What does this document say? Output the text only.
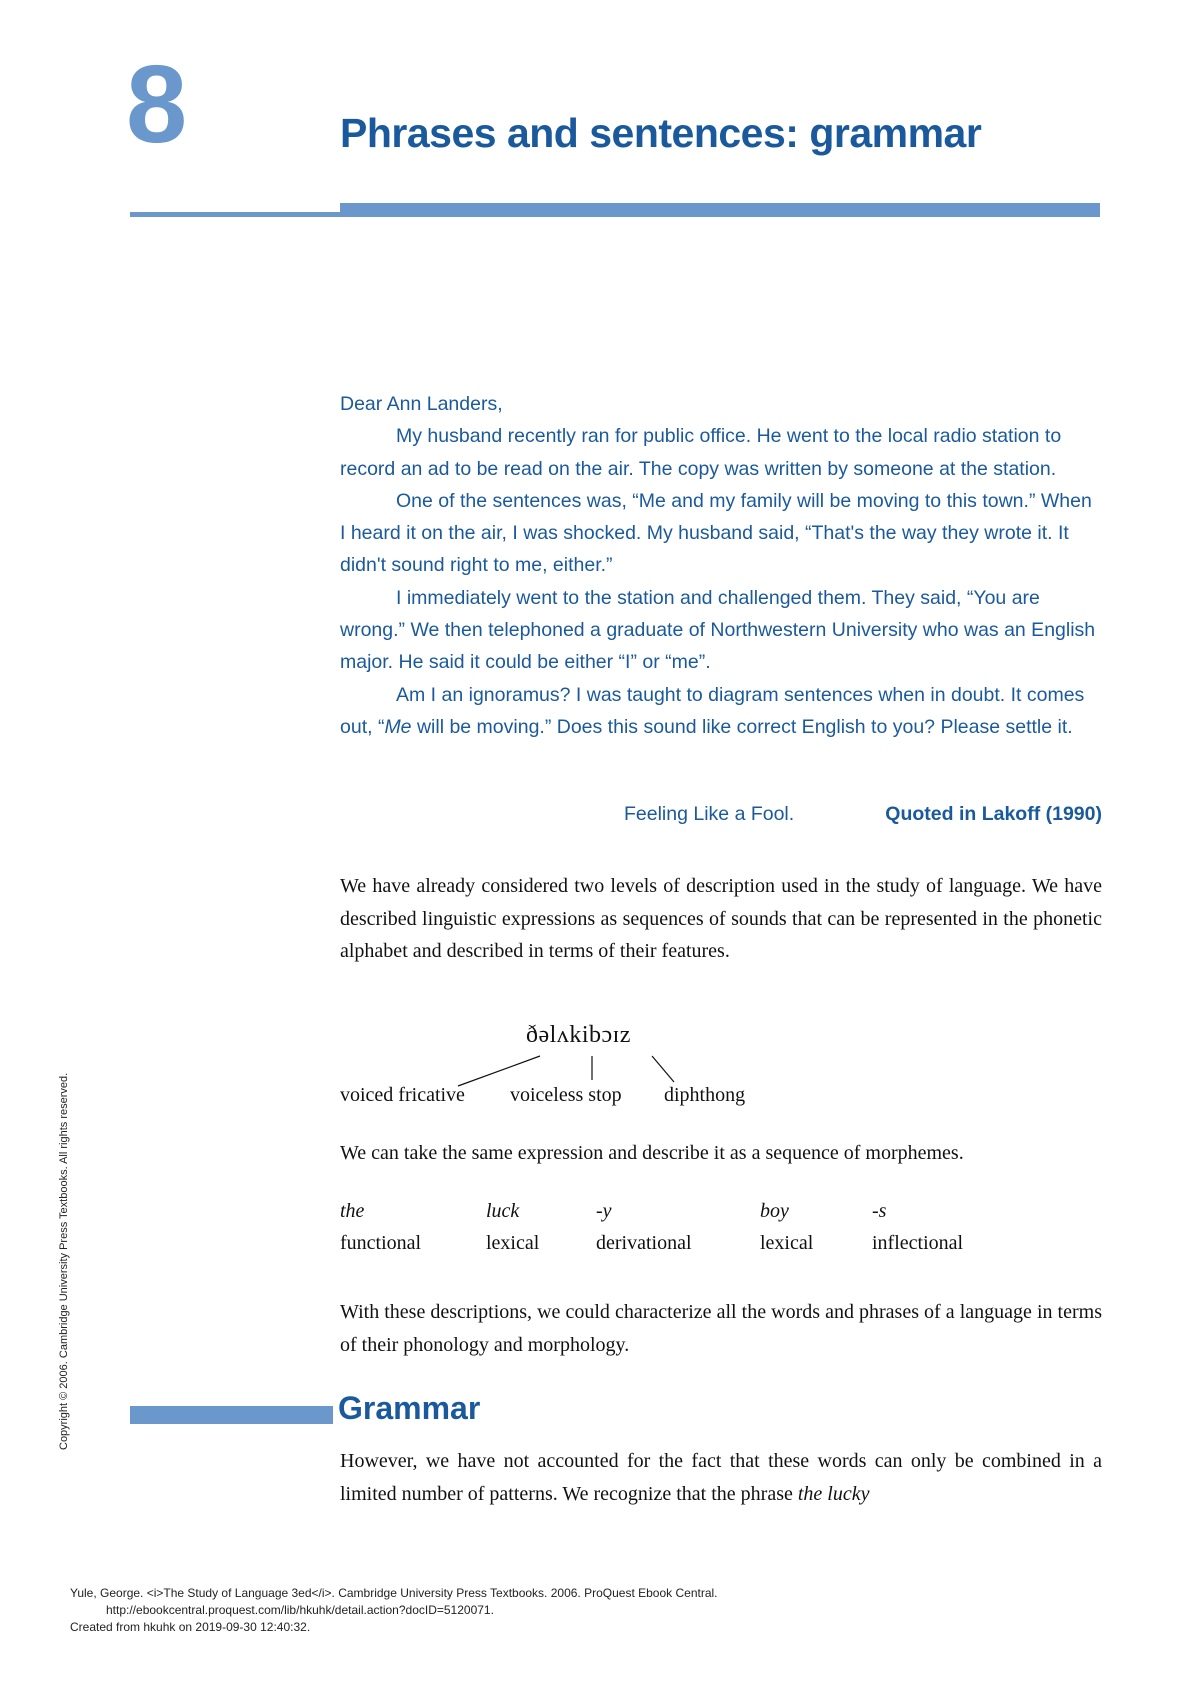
8	Phrases and sentences: grammar

Dear Ann Landers,

My husband recently ran for public office. He went to the local radio station to record an ad to be read on the air. The copy was written by someone at the station.

One of the sentences was, “Me and my family will be moving to this town.” When I heard it on the air, I was shocked. My husband said, “That's the way they wrote it. It didn't sound right to me, either.”

I immediately went to the station and challenged them. They said, “You are wrong.” We then telephoned a graduate of Northwestern University who was an English major. He said it could be either “I” or “me”.

Am I an ignoramus? I was taught to diagram sentences when in doubt. It comes out, “Me will be moving.” Does this sound like correct English to you? Please settle it.

Feeling Like a Fool.	Quoted in Lakoff (1990)

We have already considered two levels of description used in the study of language. We have described linguistic expressions as sequences of sounds that can be represented in the phonetic alphabet and described in terms of their features.

ðəlʌkibɔɪz
voiced fricative voiceless stop diphthong

We can take the same expression and describe it as a sequence of morphemes.

the
functional
luck
lexical
-y
derivational
boy
lexical
-s
inflectional

With these descriptions, we could characterize all the words and phrases of a language in terms of their phonology and morphology.

Grammar

However, we have not accounted for the fact that these words can only be combined in a limited number of patterns. We recognize that the phrase the lucky

Copyright © 2006. Cambridge University Press Textbooks. All rights reserved.
Yule, George. <i>The Study of Language 3ed</i>. Cambridge University Press Textbooks. 2006. ProQuest Ebook Central.
http://ebookcentral.proquest.com/lib/hkuhk/detail.action?docID=5120071.
Created from hkuhk on 2019-09-30 12:40:32.
